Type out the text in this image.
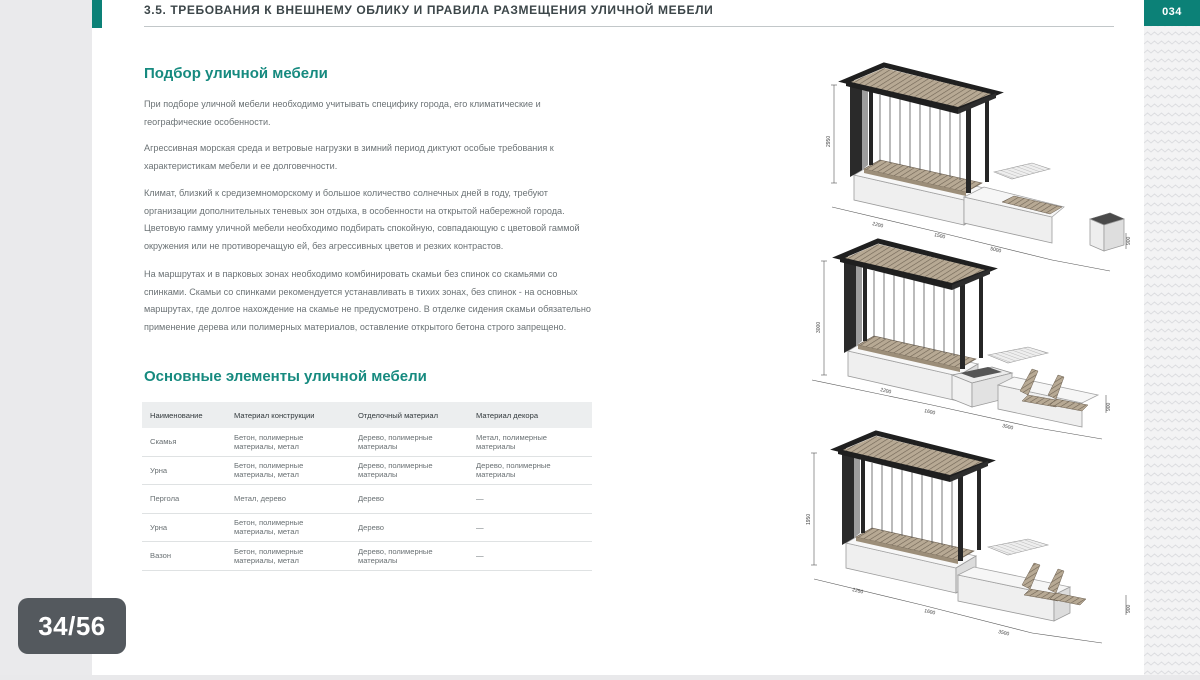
034
3.5. ТРЕБОВАНИЯ К ВНЕШНЕМУ ОБЛИКУ И ПРАВИЛА РАЗМЕЩЕНИЯ УЛИЧНОЙ МЕБЕЛИ
Подбор уличной мебели

При подборе уличной мебели необходимо учитывать специфику города, его климатические и географические особенности.

Агрессивная морская среда и ветровые нагрузки в зимний период диктуют особые требования к характеристикам мебели и ее долговечности.

Климат, близкий к средиземноморскому и большое количество солнечных дней в году, требуют организации дополнительных теневых зон отдыха, в особенности на открытой набережной города. Цветовую гамму уличной мебели необходимо подбирать спокойную, совпадающую с цветовой гаммой окружения или не противоречащую ей, без агрессивных цветов и резких контрастов.

На маршрутах и в парковых зонах необходимо комбинировать скамьи без спинок со скамьями со спинками. Скамьи со спинками рекомендуется устанавливать в тихих зонах, без спинок - на основных маршрутах, где долгое нахождение на скамье не предусмотрено. В отделке сидения скамьи обязательно применение дерева или полимерных материалов, оставление открытого бетона строго запрещено.

Основные элементы уличной мебели
Наименование	Материал конструкции	Отделочный материал	Материал декора
Скамья	Бетон, полимерные материалы, метал	Дерево, полимерные материалы	Метал, полимерные материалы
Урна	Бетон, полимерные материалы, метал	Дерево, полимерные материалы	Дерево, полимерные материалы
Пергола	Метал, дерево	Дерево	—
Урна	Бетон, полимерные материалы, метал	Дерево	—
Вазон	Бетон, полимерные материалы, метал	Дерево, полимерные материалы	—
2950
2200
1500
5000
900
3000
2200
1600
3500
900
1950
2250
1600
3500
900
34/56
